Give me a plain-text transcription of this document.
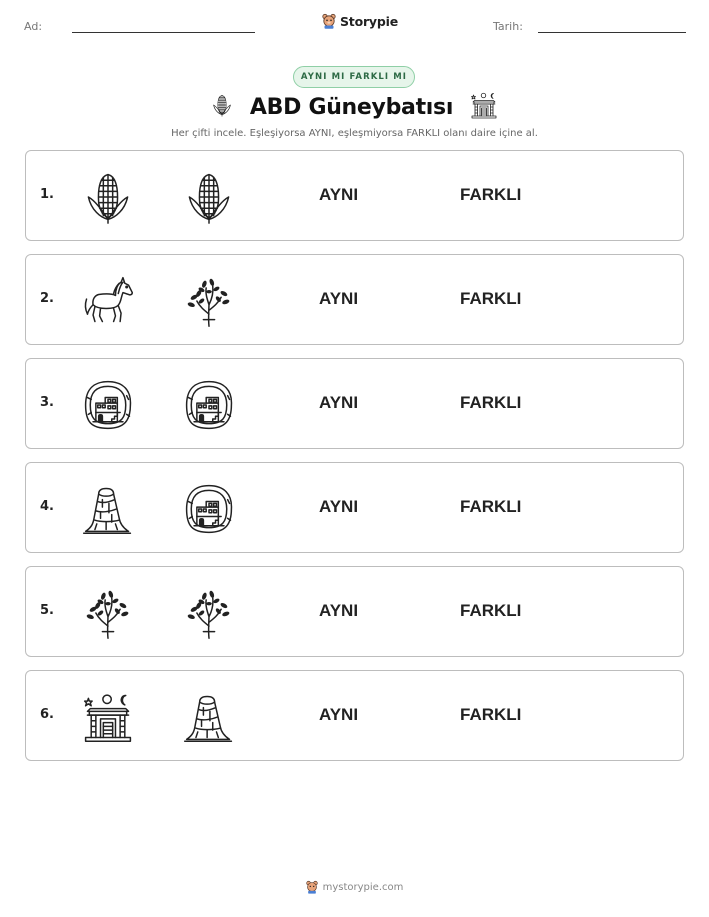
Ad:	Storypie	Tarih:
AYNI MI FARKLI MI
ABD Güneybatısı
Her çifti incele. Eşleşiyorsa AYNI, eşleşmiyorsa FARKLI olanı daire içine al.
1.	AYNI	FARKLI
2.	AYNI	FARKLI
3.	AYNI	FARKLI
4.	AYNI	FARKLI
5.	AYNI	FARKLI
6.	AYNI	FARKLI
mystorypie.com
